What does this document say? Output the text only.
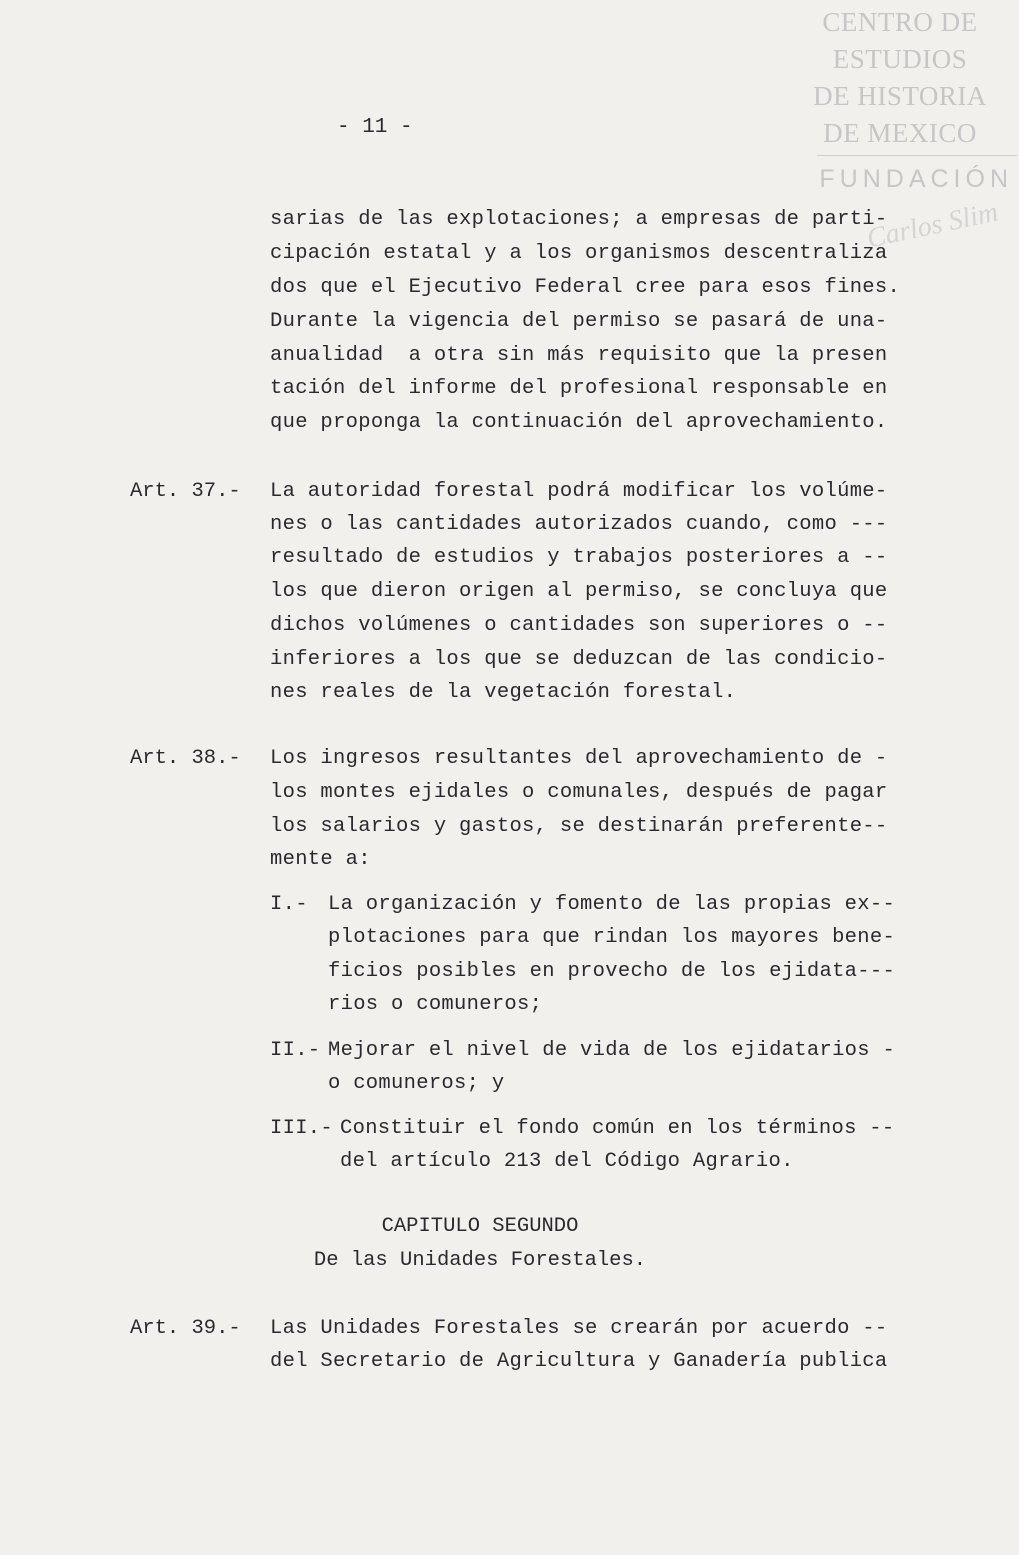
CENTRO DE
ESTUDIOS
DE HISTORIA
DE MEXICO
FUNDACIÓN
Carlos Slim
- 11 -
sarias de las explotaciones; a empresas de parti-
cipación estatal y a los organismos descentraliza
dos que el Ejecutivo Federal cree para esos fines.
Durante la vigencia del permiso se pasará de una-
anualidad  a otra sin más requisito que la presen
tación del informe del profesional responsable en
que proponga la continuación del aprovechamiento.
Art. 37.- La autoridad forestal podrá modificar los volúme-
nes o las cantidades autorizados cuando, como ---
resultado de estudios y trabajos posteriores a --
los que dieron origen al permiso, se concluya que
dichos volúmenes o cantidades son superiores o --
inferiores a los que se deduzcan de las condicio-
nes reales de la vegetación forestal.
Art. 38.- Los ingresos resultantes del aprovechamiento de -
los montes ejidales o comunales, después de pagar
los salarios y gastos, se destinarán preferente--
mente a:
I.- La organización y fomento de las propias ex--
plotaciones para que rindan los mayores bene-
ficios posibles en provecho de los ejidata---
rios o comuneros;
II.- Mejorar el nivel de vida de los ejidatarios -
o comuneros; y
III.- Constituir el fondo común en los términos --
del artículo 213 del Código Agrario.
CAPITULO SEGUNDO
De las Unidades Forestales.
Art. 39.- Las Unidades Forestales se crearán por acuerdo --
del Secretario de Agricultura y Ganadería publica
